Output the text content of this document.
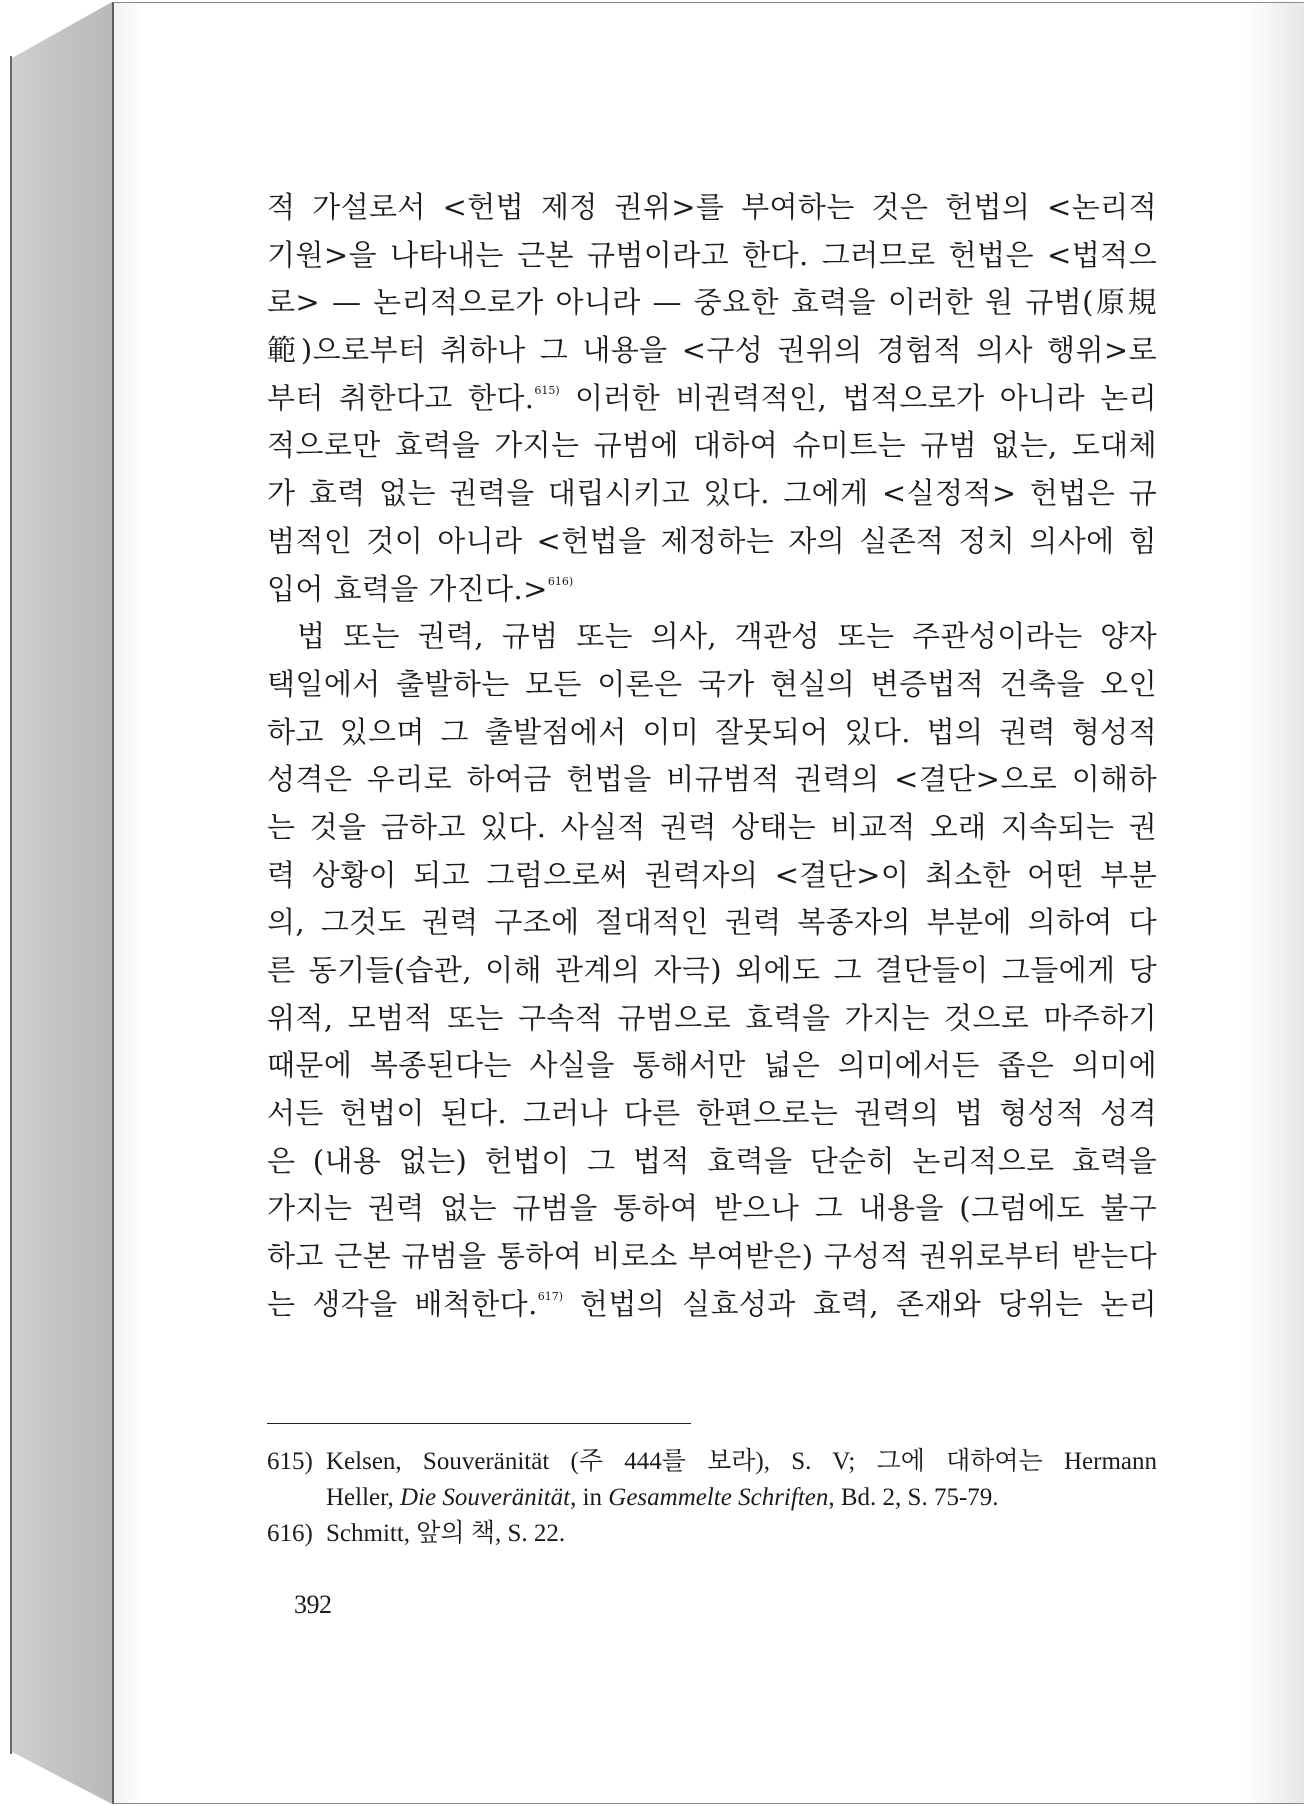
적 가설로서 <헌법 제정 권위>를 부여하는 것은 헌법의 <논리적
기원>을 나타내는 근본 규범이라고 한다. 그러므로 헌법은 <법적으
로> — 논리적으로가 아니라 — 중요한 효력을 이러한 원 규범(原規
範)으로부터 취하나 그 내용을 <구성 권위의 경험적 의사 행위>로
부터 취한다고 한다.$^{615)}$ 이러한 비권력적인, 법적으로가 아니라 논리
적으로만 효력을 가지는 규범에 대하여 슈미트는 규범 없는, 도대체
가 효력 없는 권력을 대립시키고 있다. 그에게 <실정적> 헌법은 규
범적인 것이 아니라 <헌법을 제정하는 자의 실존적 정치 의사에 힘
입어 효력을 가진다.>$^{616)}$
법 또는 권력, 규범 또는 의사, 객관성 또는 주관성이라는 양자
택일에서 출발하는 모든 이론은 국가 현실의 변증법적 건축을 오인
하고 있으며 그 출발점에서 이미 잘못되어 있다. 법의 권력 형성적
성격은 우리로 하여금 헌법을 비규범적 권력의 <결단>으로 이해하
는 것을 금하고 있다. 사실적 권력 상태는 비교적 오래 지속되는 권
력 상황이 되고 그럼으로써 권력자의 <결단>이 최소한 어떤 부분
의, 그것도 권력 구조에 절대적인 권력 복종자의 부분에 의하여 다
른 동기들(습관, 이해 관계의 자극) 외에도 그 결단들이 그들에게 당
위적, 모범적 또는 구속적 규범으로 효력을 가지는 것으로 마주하기
때문에 복종된다는 사실을 통해서만 넓은 의미에서든 좁은 의미에
서든 헌법이 된다. 그러나 다른 한편으로는 권력의 법 형성적 성격
은 (내용 없는) 헌법이 그 법적 효력을 단순히 논리적으로 효력을
가지는 권력 없는 규범을 통하여 받으나 그 내용을 (그럼에도 불구
하고 근본 규범을 통하여 비로소 부여받은) 구성적 권위로부터 받는다
는 생각을 배척한다.$^{617)}$ 헌법의 실효성과 효력, 존재와 당위는 논리
615) Kelsen, Souveränität (주 444를 보라), S. V; 그에 대하여는 Hermann
Heller, Die Souveränität, in Gesammelte Schriften, Bd. 2, S. 75-79.
616) Schmitt, 앞의 책, S. 22.
392
